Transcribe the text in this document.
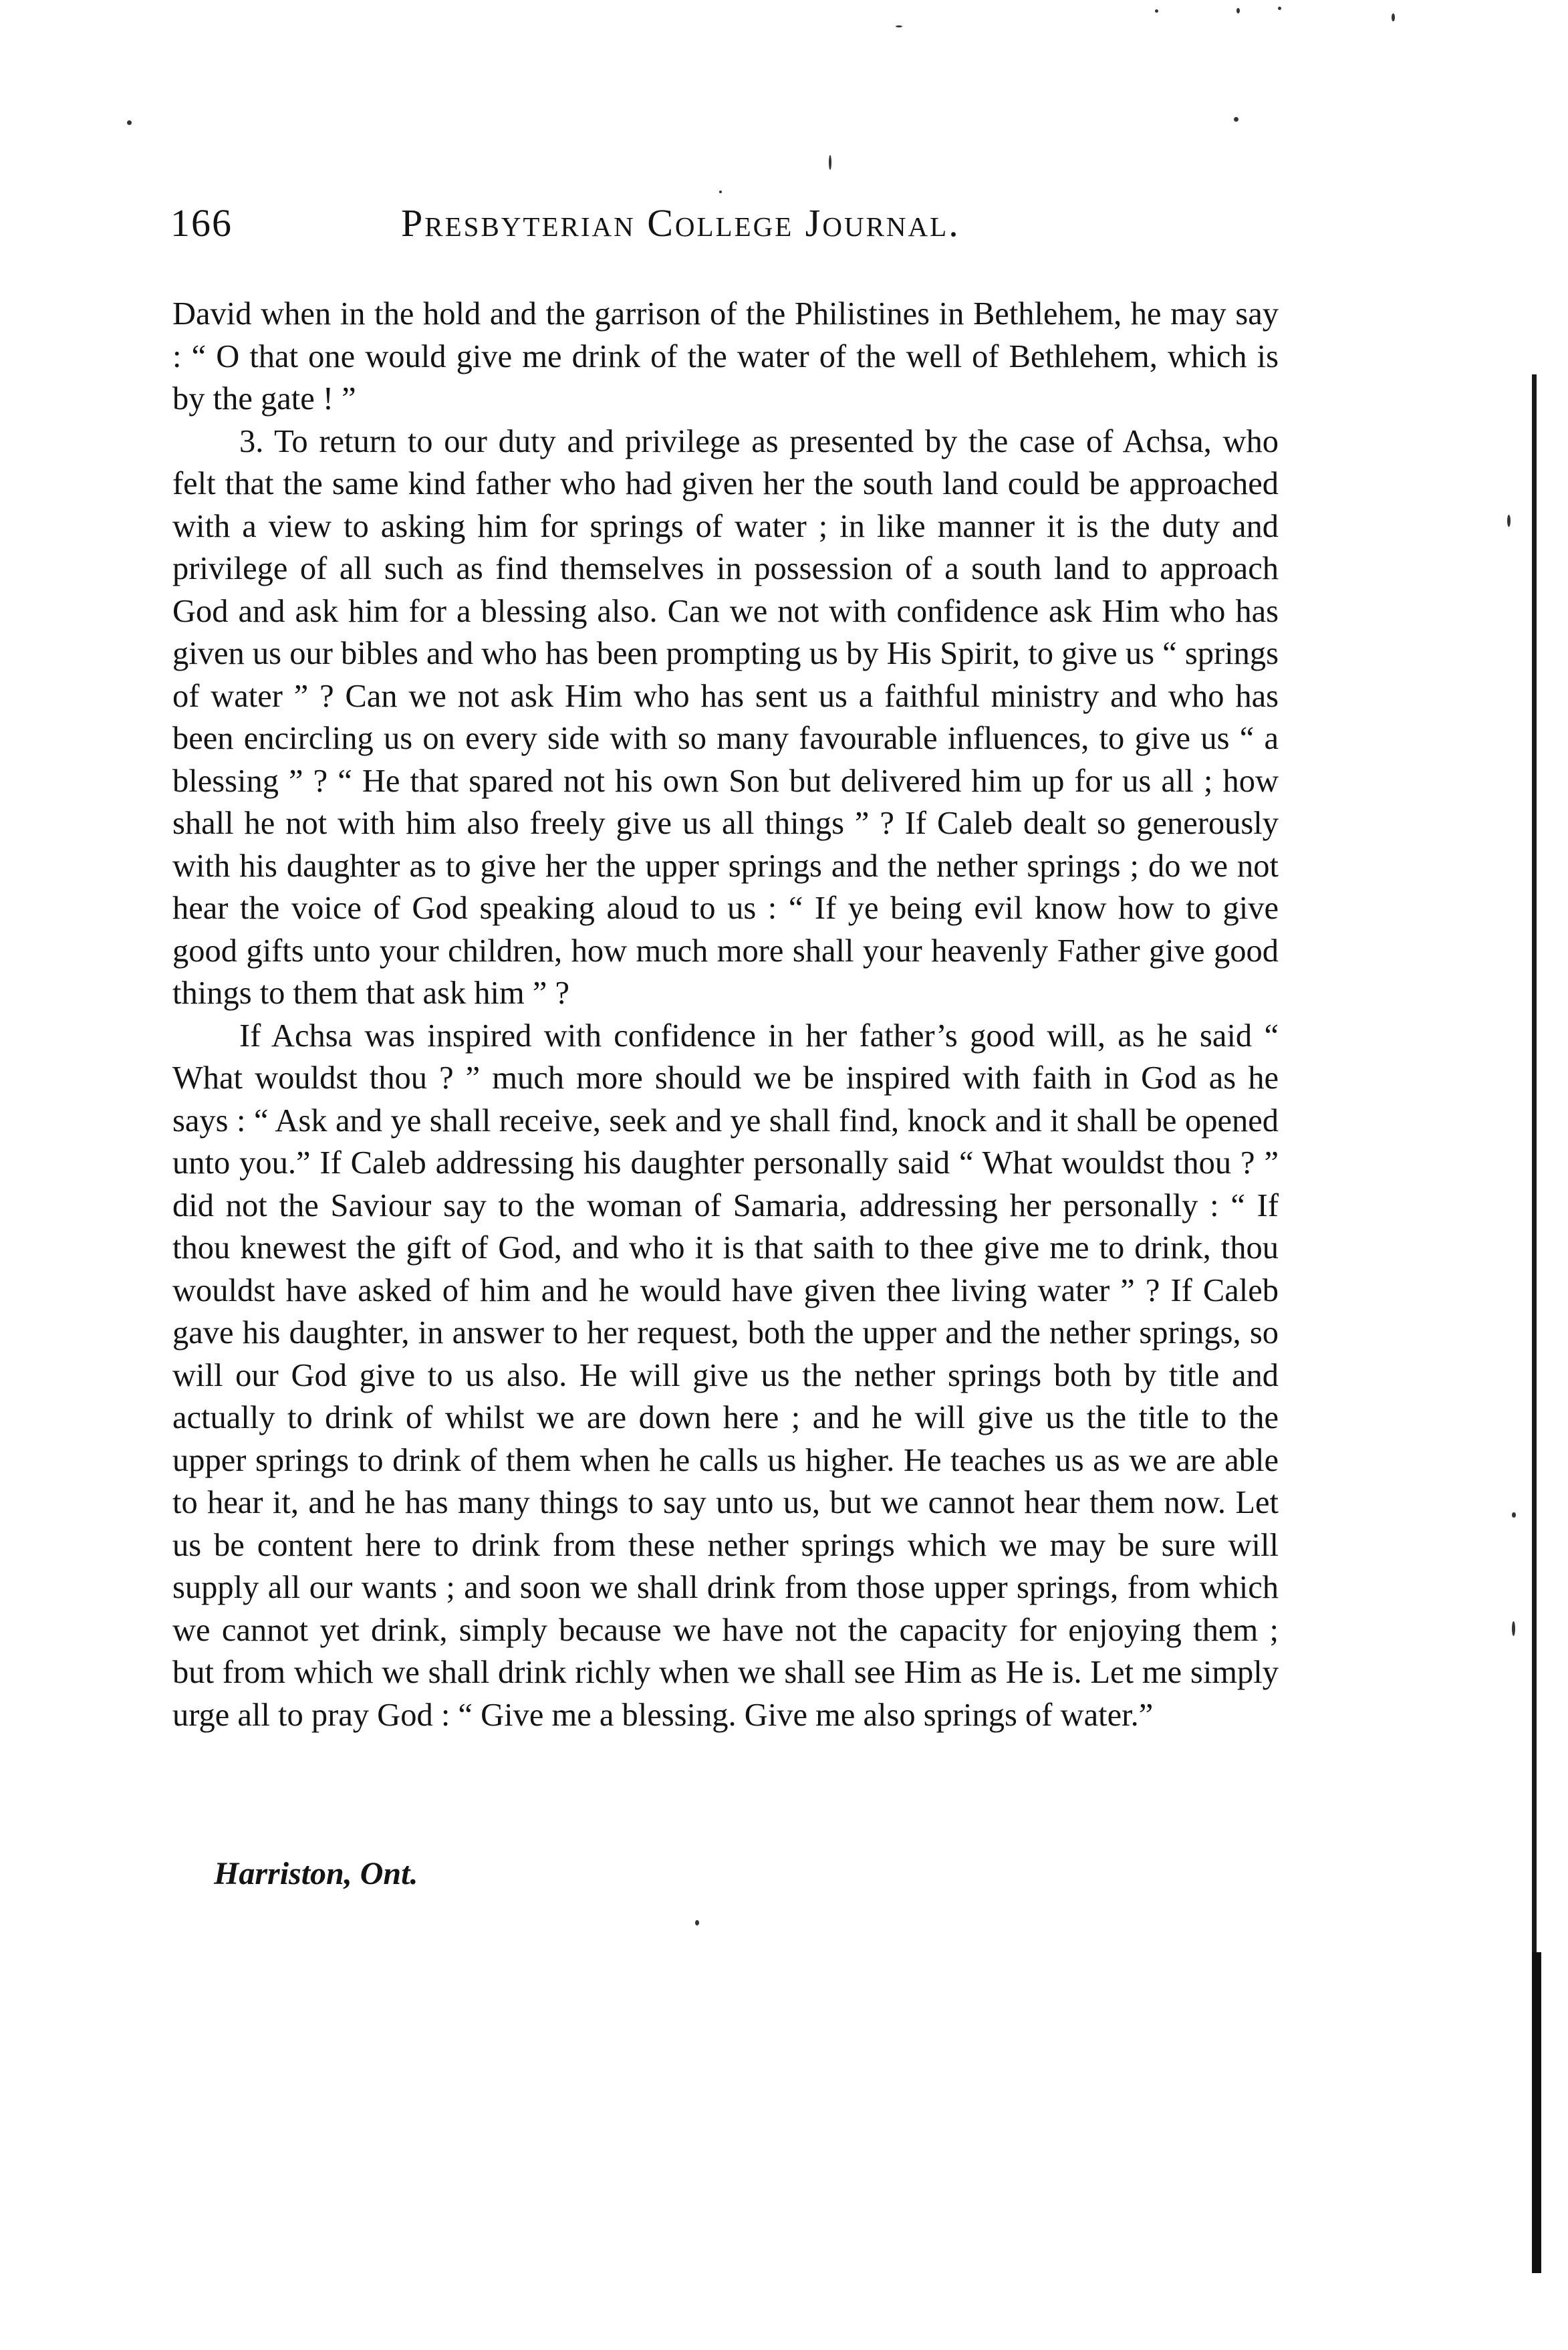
166	Presbyterian College Journal.

David when in the hold and the garrison of the Philistines in Bethlehem, he may say : “ O that one would give me drink of the water of the well of Bethlehem, which is by the gate ! ”

3. To return to our duty and privilege as presented by the case of Achsa, who felt that the same kind father who had given her the south land could be approached with a view to asking him for springs of water ; in like manner it is the duty and privilege of all such as find themselves in possession of a south land to approach God and ask him for a blessing also. Can we not with confidence ask Him who has given us our bibles and who has been prompting us by His Spirit, to give us “ springs of water ” ? Can we not ask Him who has sent us a faithful ministry and who has been encircling us on every side with so many favourable influences, to give us “ a blessing ” ? “ He that spared not his own Son but delivered him up for us all ; how shall he not with him also freely give us all things ” ? If Caleb dealt so generously with his daughter as to give her the upper springs and the nether springs ; do we not hear the voice of God speaking aloud to us : “ If ye being evil know how to give good gifts unto your children, how much more shall your heavenly Father give good things to them that ask him ” ?

If Achsa was inspired with confidence in her father’s good will, as he said “ What wouldst thou ? ” much more should we be inspired with faith in God as he says : “ Ask and ye shall receive, seek and ye shall find, knock and it shall be opened unto you.” If Caleb addressing his daughter personally said “ What wouldst thou ? ” did not the Saviour say to the woman of Samaria, addressing her personally : “ If thou knewest the gift of God, and who it is that saith to thee give me to drink, thou wouldst have asked of him and he would have given thee living water ” ? If Caleb gave his daughter, in answer to her request, both the upper and the nether springs, so will our God give to us also. He will give us the nether springs both by title and actually to drink of whilst we are down here ; and he will give us the title to the upper springs to drink of them when he calls us higher. He teaches us as we are able to hear it, and he has many things to say unto us, but we cannot hear them now. Let us be content here to drink from these nether springs which we may be sure will supply all our wants ; and soon we shall drink from those upper springs, from which we cannot yet drink, simply because we have not the capacity for enjoying them ; but from which we shall drink richly when we shall see Him as He is. Let me simply urge all to pray God : “ Give me a blessing. Give me also springs of water.”

Harriston, Ont.
